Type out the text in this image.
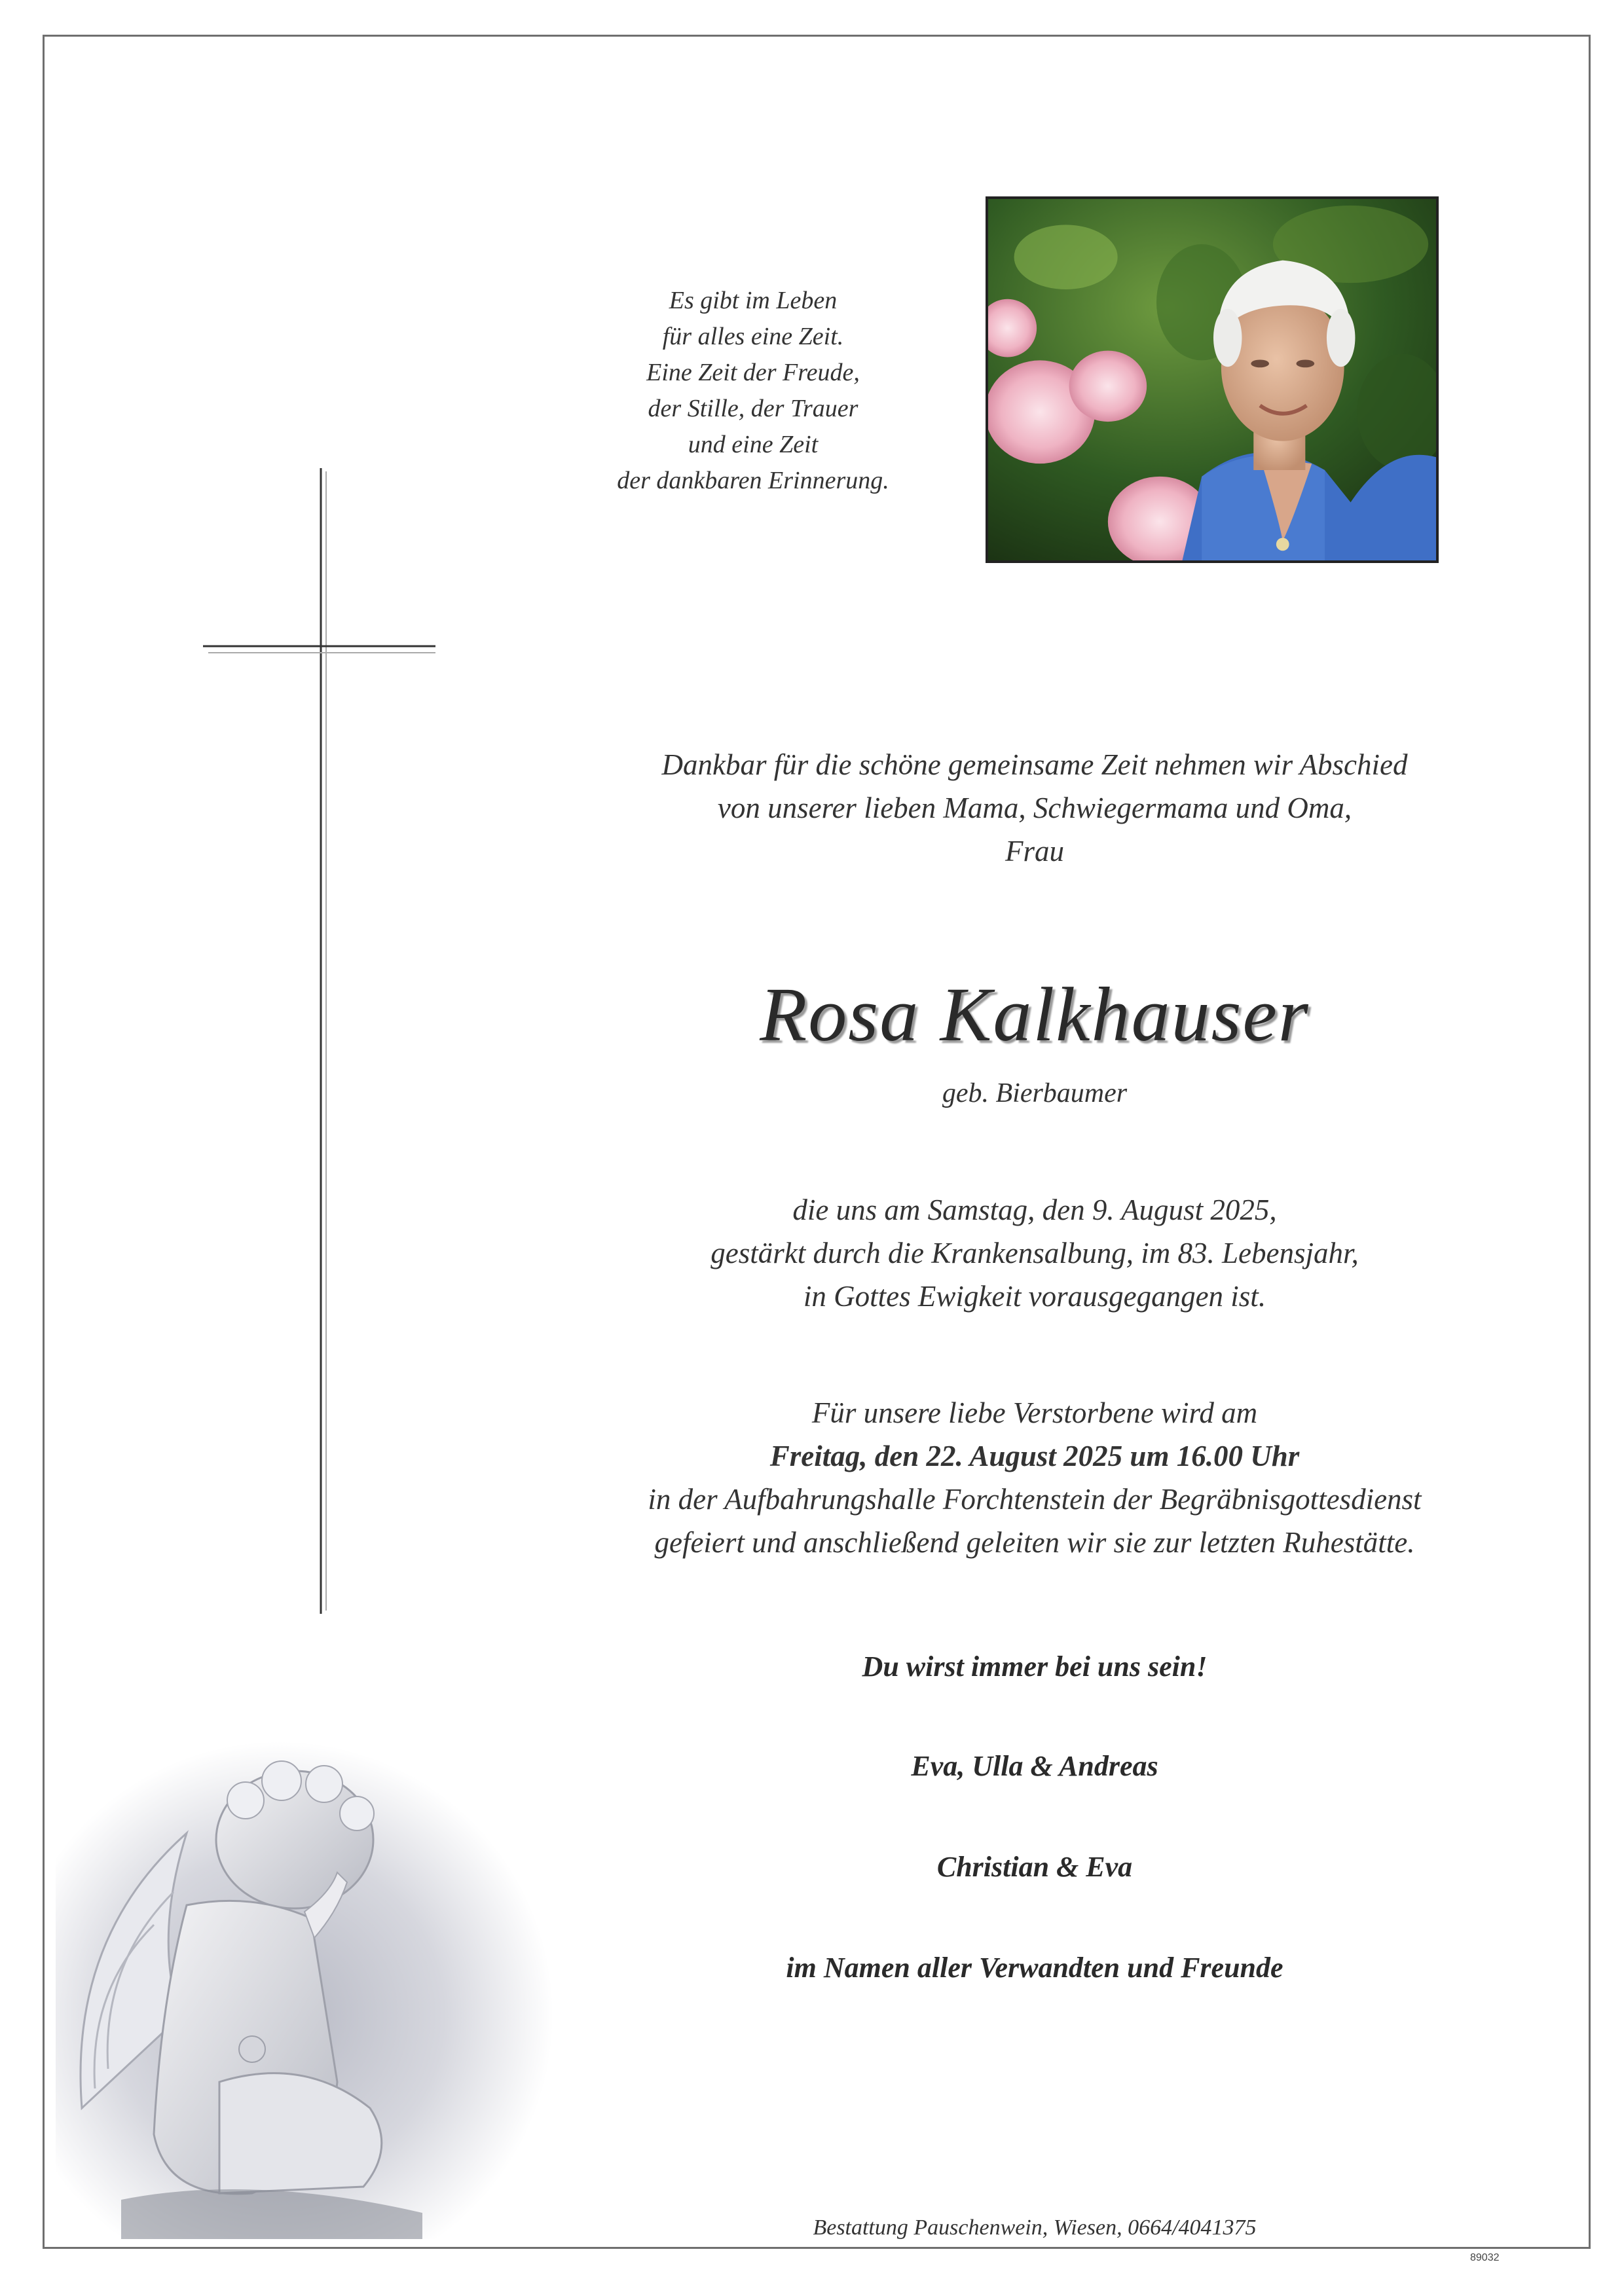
Es gibt im Leben
für alles eine Zeit.
Eine Zeit der Freude,
der Stille, der Trauer
und eine Zeit
der dankbaren Erinnerung.
Dankbar für die schöne gemeinsame Zeit nehmen wir Abschied
von unserer lieben Mama, Schwiegermama und Oma,
Frau
Rosa Kalkhauser
geb. Bierbaumer
die uns am Samstag, den 9. August 2025,
gestärkt durch die Krankensalbung, im 83. Lebensjahr,
in Gottes Ewigkeit vorausgegangen ist.
Für unsere liebe Verstorbene wird am
Freitag, den 22. August 2025 um 16.00 Uhr
in der Aufbahrungshalle Forchtenstein der Begräbnisgottesdienst
gefeiert und anschließend geleiten wir sie zur letzten Ruhestätte.
Du wirst immer bei uns sein!
Eva, Ulla & Andreas
Christian & Eva
im Namen aller Verwandten und Freunde
Bestattung Pauschenwein, Wiesen, 0664/4041375
89032
